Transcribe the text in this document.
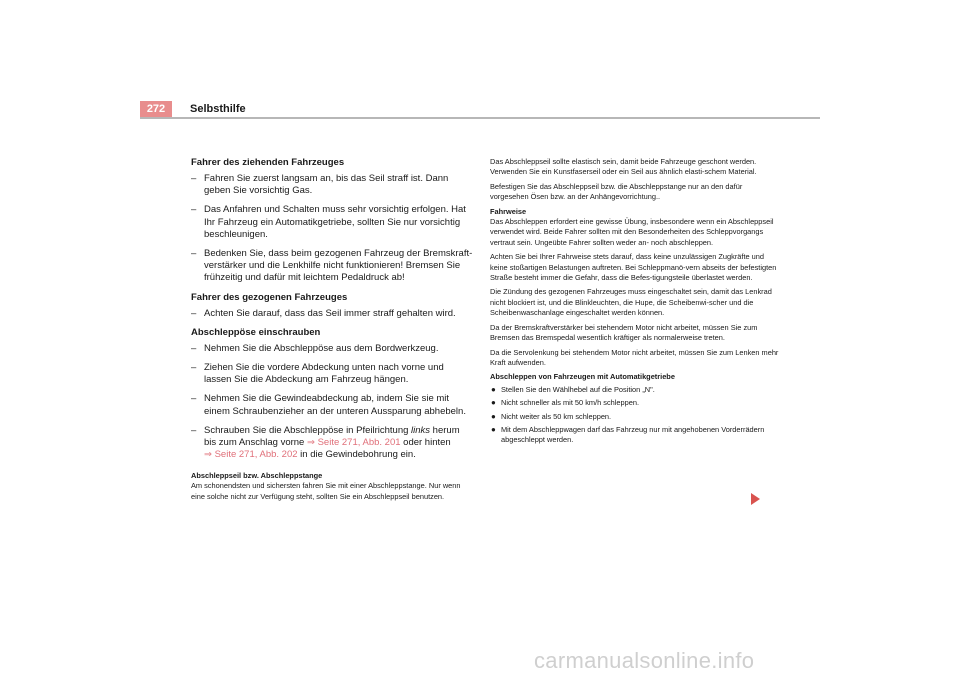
272	Selbsthilfe

Fahrer des ziehenden Fahrzeuges

– Fahren Sie zuerst langsam an, bis das Seil straff ist. Dann geben Sie vorsichtig Gas.
– Das Anfahren und Schalten muss sehr vorsichtig erfolgen. Hat Ihr Fahrzeug ein Automatikgetriebe, sollten Sie nur vorsichtig beschleunigen.
– Bedenken Sie, dass beim gezogenen Fahrzeug der Bremskraft-verstärker und die Lenkhilfe nicht funktionieren! Bremsen Sie frühzeitig und dafür mit leichtem Pedaldruck ab!

Fahrer des gezogenen Fahrzeuges

– Achten Sie darauf, dass das Seil immer straff gehalten wird.

Abschleppöse einschrauben

– Nehmen Sie die Abschleppöse aus dem Bordwerkzeug.
– Ziehen Sie die vordere Abdeckung unten nach vorne und lassen Sie die Abdeckung am Fahrzeug hängen.
– Nehmen Sie die Gewindeabdeckung ab, indem Sie sie mit einem Schraubenzieher an der unteren Aussparung abhebeln.
– Schrauben Sie die Abschleppöse in Pfeilrichtung links herum bis zum Anschlag vorne ⇒ Seite 271, Abb. 201 oder hinten
⇒ Seite 271, Abb. 202 in die Gewindebohrung ein.
Abschleppseil bzw. Abschleppstange
Am schonendsten und sichersten fahren Sie mit einer Abschleppstange. Nur wenn eine solche nicht zur Verfügung steht, sollten Sie ein Abschleppseil benutzen.

Das Abschleppseil sollte elastisch sein, damit beide Fahrzeuge geschont werden. Verwenden Sie ein Kunstfaserseil oder ein Seil aus ähnlich elasti-schem Material.

Befestigen Sie das Abschleppseil bzw. die Abschleppstange nur an den dafür vorgesehen Ösen bzw. an der Anhängevorrichtung..

Fahrweise

Das Abschleppen erfordert eine gewisse Übung, insbesondere wenn ein Abschleppseil verwendet wird. Beide Fahrer sollten mit den Besonderheiten des Schleppvorgangs vertraut sein. Ungeübte Fahrer sollten weder an- noch abschleppen.

Achten Sie bei Ihrer Fahrweise stets darauf, dass keine unzulässigen Zugkräfte und keine stoßartigen Belastungen auftreten. Bei Schleppmanö-vern abseits der befestigten Straße besteht immer die Gefahr, dass die Befes-tigungsteile überlastet werden.

Die Zündung des gezogenen Fahrzeuges muss eingeschaltet sein, damit das Lenkrad nicht blockiert ist, und die Blinkleuchten, die Hupe, die Scheibenwi-scher und die Scheibenwaschanlage eingeschaltet werden können.

Da der Bremskraftverstärker bei stehendem Motor nicht arbeitet, müssen Sie zum Bremsen das Bremspedal wesentlich kräftiger als normalerweise treten.

Da die Servolenkung bei stehendem Motor nicht arbeitet, müssen Sie zum Lenken mehr Kraft aufwenden.

Abschleppen von Fahrzeugen mit Automatikgetriebe

● Stellen Sie den Wählhebel auf die Position „N".
● Nicht schneller als mit 50 km/h schleppen.
● Nicht weiter als 50 km schleppen.
● Mit dem Abschleppwagen darf das Fahrzeug nur mit angehobenen Vorderrädern abgeschleppt werden.
carmanualsonline.info
